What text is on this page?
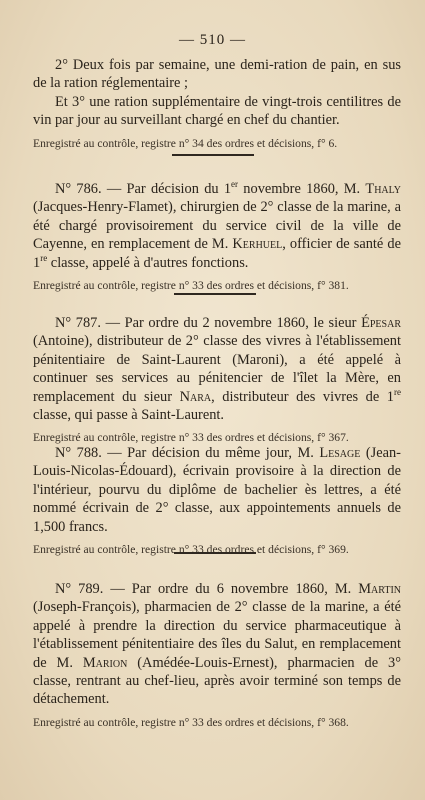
— 510 —

2° Deux fois par semaine, une demi-ration de pain, en sus de la ration réglementaire ;

Et 3° une ration supplémentaire de vingt-trois centilitres de vin par jour au surveillant chargé en chef du chantier.

Enregistré au contrôle, registre n° 34 des ordres et décisions, f° 6.

N° 786. — Par décision du 1er novembre 1860, M. Thaly (Jacques-Henry-Flamet), chirurgien de 2° classe de la marine, a été chargé provisoirement du service civil de la ville de Cayenne, en remplacement de M. Kerhuel, officier de santé de 1re classe, appelé à d'autres fonctions.

Enregistré au contrôle, registre n° 33 des ordres et décisions, f° 381.

N° 787. — Par ordre du 2 novembre 1860, le sieur Épesar (Antoine), distributeur de 2° classe des vivres à l'établissement pénitentiaire de Saint-Laurent (Maroni), a été appelé à continuer ses services au pénitencier de l'îlet la Mère, en remplacement du sieur Nara, distributeur des vivres de 1re classe, qui passe à Saint-Laurent.

Enregistré au contrôle, registre n° 33 des ordres et décisions, f° 367.

N° 788. — Par décision du même jour, M. Lesage (Jean-Louis-Nicolas-Édouard), écrivain provisoire à la direction de l'intérieur, pourvu du diplôme de bachelier ès lettres, a été nommé écrivain de 2° classe, aux appointements annuels de 1,500 francs.

Enregistré au contrôle, registre n° 33 des ordres et décisions, f° 369.

N° 789. — Par ordre du 6 novembre 1860, M. Martin (Joseph-François), pharmacien de 2° classe de la marine, a été appelé à prendre la direction du service pharmaceutique à l'établissement pénitentiaire des îles du Salut, en remplacement de M. Marion (Amédée-Louis-Ernest), pharmacien de 3° classe, rentrant au chef-lieu, après avoir terminé son temps de détachement.

Enregistré au contrôle, registre n° 33 des ordres et décisions, f° 368.
